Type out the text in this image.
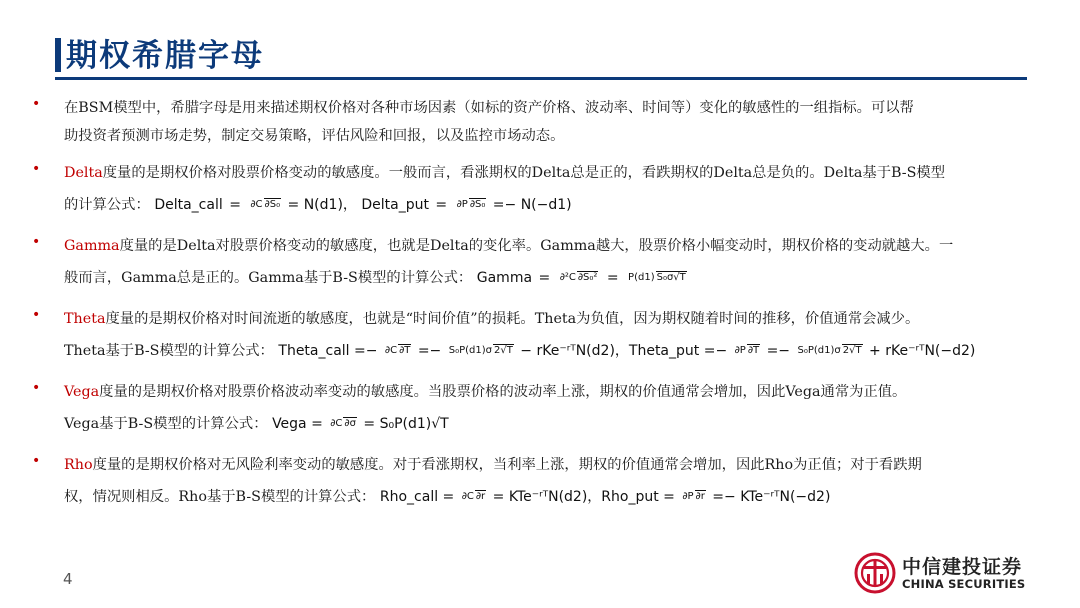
期权希腊字母
• 在BSM模型中，希腊字母是用来描述期权价格对各种市场因素（如标的资产价格、波动率、时间等）变化的敏感性的一组指标。可以帮
助投资者预测市场走势，制定交易策略，评估风险和回报，以及监控市场动态。
• Delta度量的是期权价格对股票价格变动的敏感度。一般而言，看涨期权的Delta总是正的，看跌期权的Delta总是负的。Delta基于B-S模型
的计算公式： Delta_call = ∂C ∂S₀ = N(d1)， Delta_put = ∂P ∂S₀ =− N(−d1)
• Gamma度量的是Delta对股票价格变动的敏感度，也就是Delta的变化率。Gamma越大，股票价格小幅变动时，期权价格的变动就越大。一
般而言，Gamma总是正的。Gamma基于B-S模型的计算公式： Gamma = ∂²C ∂S₀² = P(d1) S₀σ√T
• Theta度量的是期权价格对时间流逝的敏感度，也就是“时间价值”的损耗。Theta为负值，因为期权随着时间的推移，价值通常会减少。
Theta基于B-S模型的计算公式： Theta_call =− ∂C ∂T =− S₀P(d1)σ 2√T − rKe⁻ʳᵀN(d2)，Theta_put =− ∂P ∂T =− S₀P(d1)σ 2√T + rKe⁻ʳᵀN(−d2)
• Vega度量的是期权价格对股票价格波动率变动的敏感度。当股票价格的波动率上涨，期权的价值通常会增加，因此Vega通常为正值。
Vega基于B-S模型的计算公式： Vega = ∂C ∂σ = S₀P(d1)√T
• Rho度量的是期权价格对无风险利率变动的敏感度。对于看涨期权，当利率上涨，期权的价值通常会增加，因此Rho为正值；对于看跌期
权，情况则相反。Rho基于B-S模型的计算公式： Rho_call = ∂C ∂r = KTe⁻ʳᵀN(d2)，Rho_put = ∂P ∂r =− KTe⁻ʳᵀN(−d2)
4
中信建投证券
CHINA SECURITIES
